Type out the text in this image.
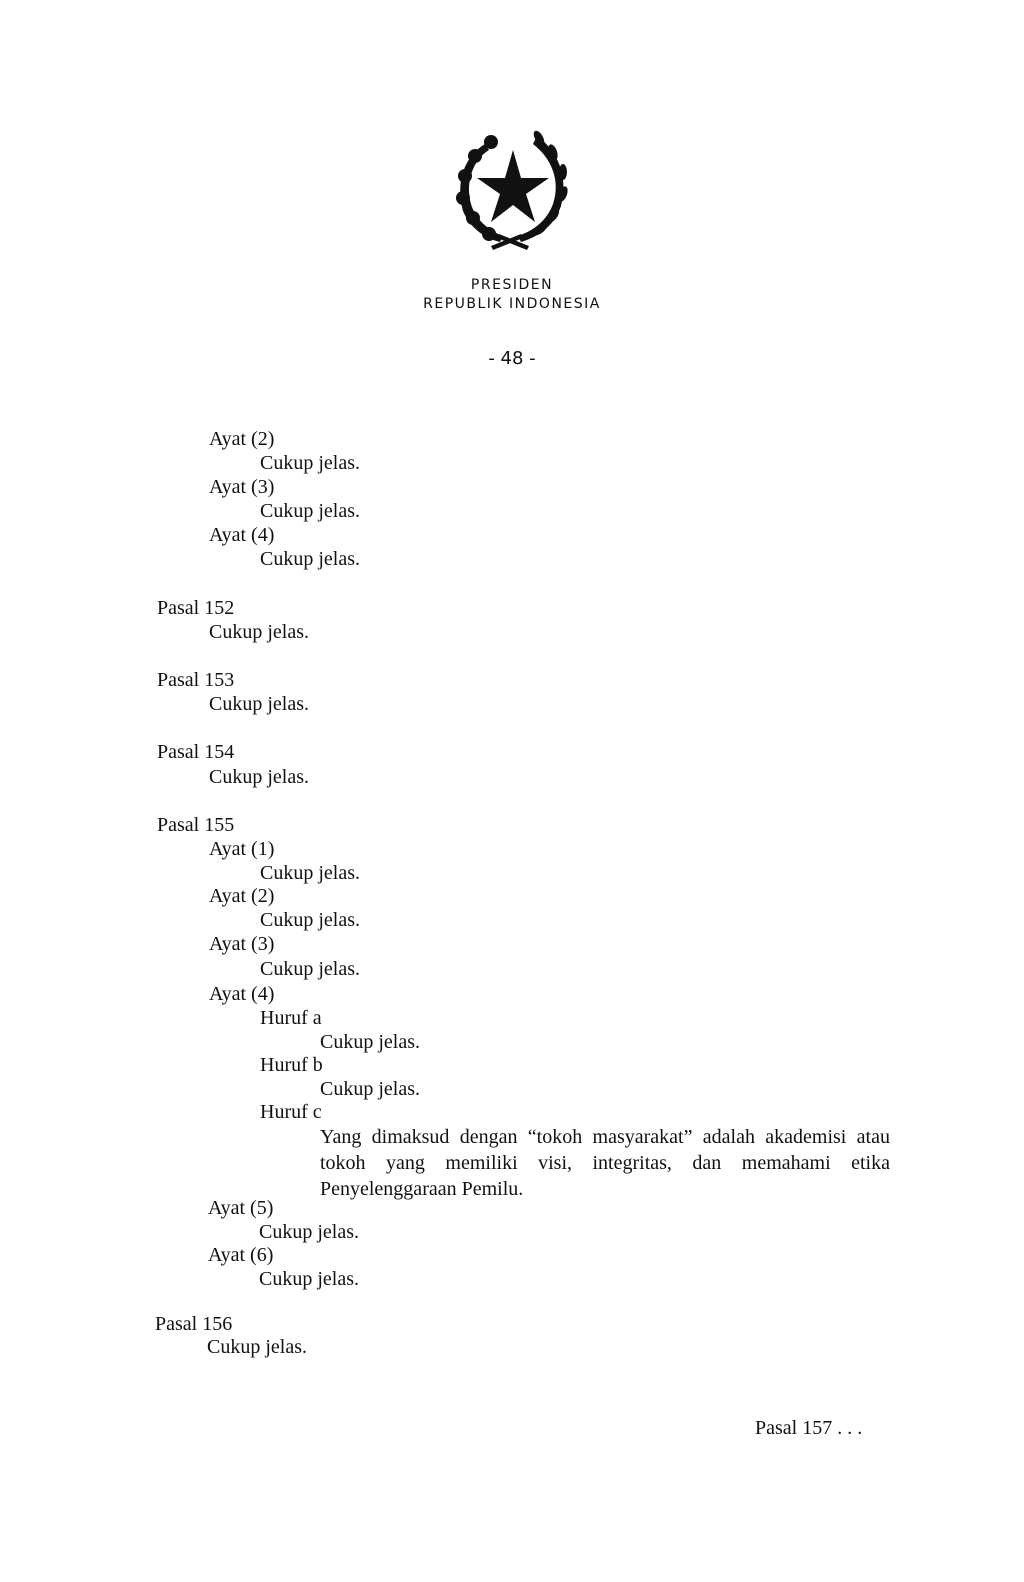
PRESIDEN
REPUBLIK INDONESIA
- 48 -
Ayat (2)
Cukup jelas.
Ayat (3)
Cukup jelas.
Ayat (4)
Cukup jelas.
Pasal 152
Cukup jelas.
Pasal 153
Cukup jelas.
Pasal 154
Cukup jelas.
Pasal 155
Ayat (1)
Cukup jelas.
Ayat (2)
Cukup jelas.
Ayat (3)
Cukup jelas.
Ayat (4)
Huruf a
Cukup jelas.
Huruf b
Cukup jelas.
Huruf c
Yang dimaksud dengan “tokoh masyarakat” adalah akademisi atau tokoh yang memiliki visi, integritas, dan memahami etika Penyelenggaraan Pemilu.
Ayat (5)
Cukup jelas.
Ayat (6)
Cukup jelas.
Pasal 156
Cukup jelas.
Pasal 157 . . .
